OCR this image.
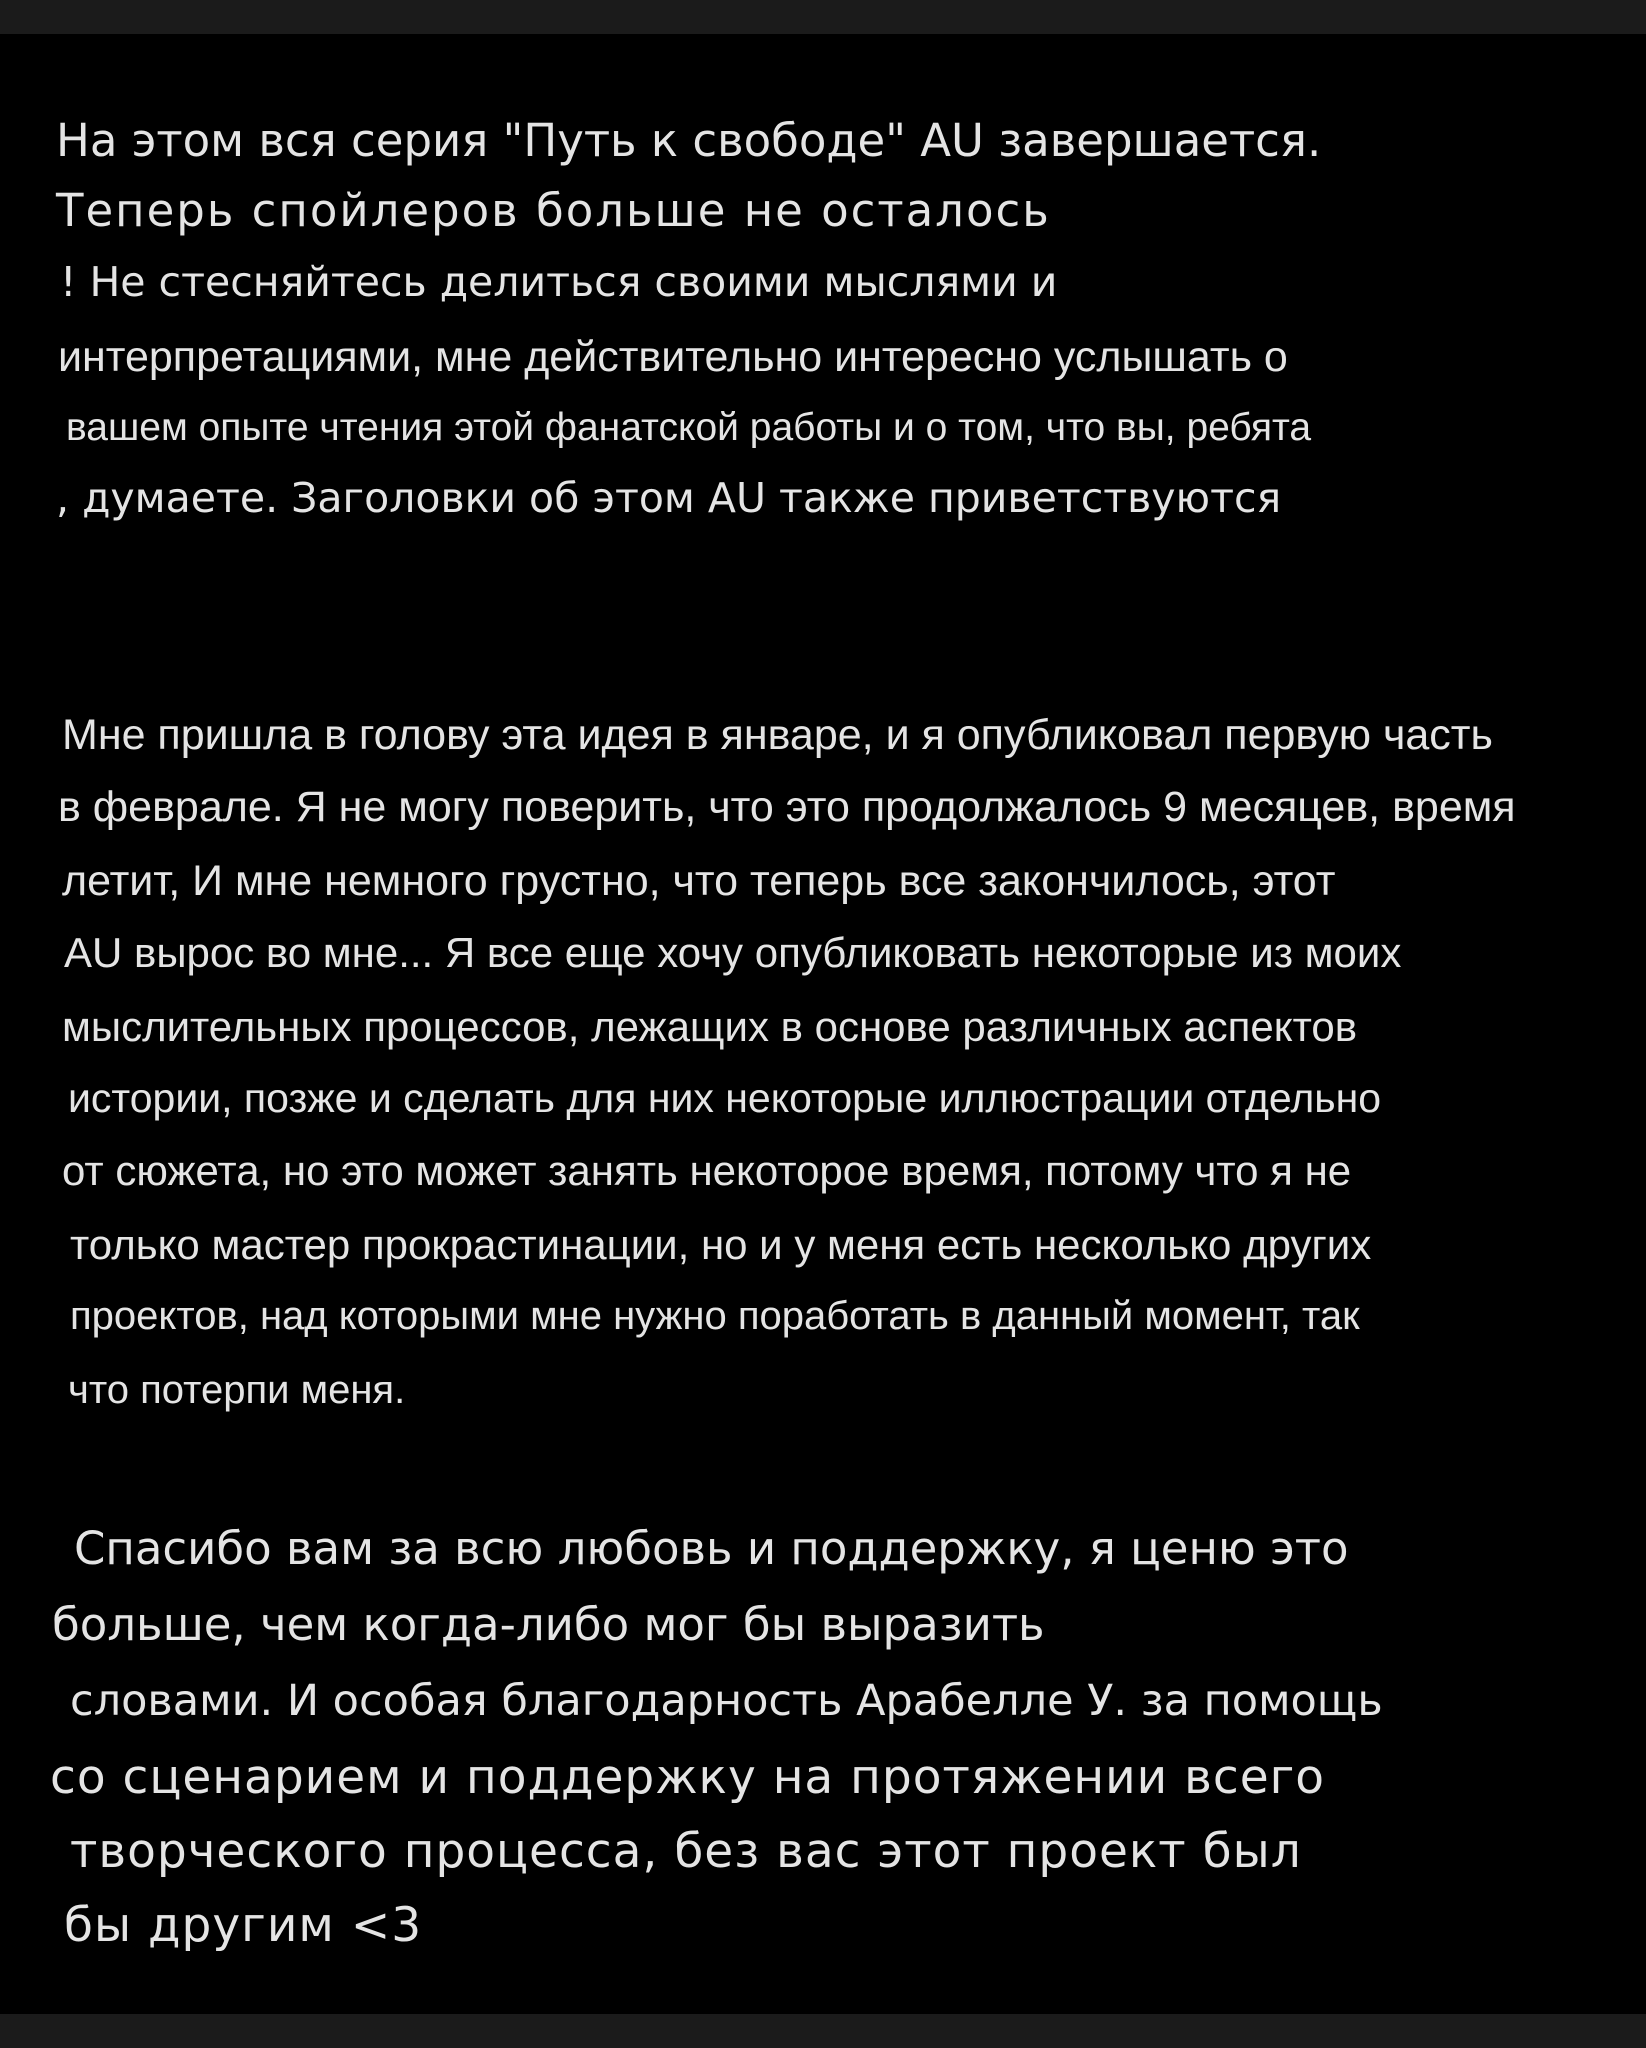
На этом вся серия "Путь к свободе" AU завершается.

Теперь спойлеров больше не осталось

! Не стесняйтесь делиться своими мыслями и

интерпретациями, мне действительно интересно услышать о

вашем опыте чтения этой фанатской работы и о том, что вы, ребята

, думаете. Заголовки об этом AU также приветствуются

Мне пришла в голову эта идея в январе, и я опубликовал первую часть

в феврале. Я не могу поверить, что это продолжалось 9 месяцев, время

летит, И мне немного грустно, что теперь все закончилось, этот

AU вырос во мне... Я все еще хочу опубликовать некоторые из моих

мыслительных процессов, лежащих в основе различных аспектов

истории, позже и сделать для них некоторые иллюстрации отдельно

от сюжета, но это может занять некоторое время, потому что я не

только мастер прокрастинации, но и у меня есть несколько других

проектов, над которыми мне нужно поработать в данный момент, так

что потерпи меня.

Спасибо вам за всю любовь и поддержку, я ценю это

больше, чем когда-либо мог бы выразить

словами. И особая благодарность Арабелле У. за помощь

со сценарием и поддержку на протяжении всего

творческого процесса, без вас этот проект был

бы другим <3
